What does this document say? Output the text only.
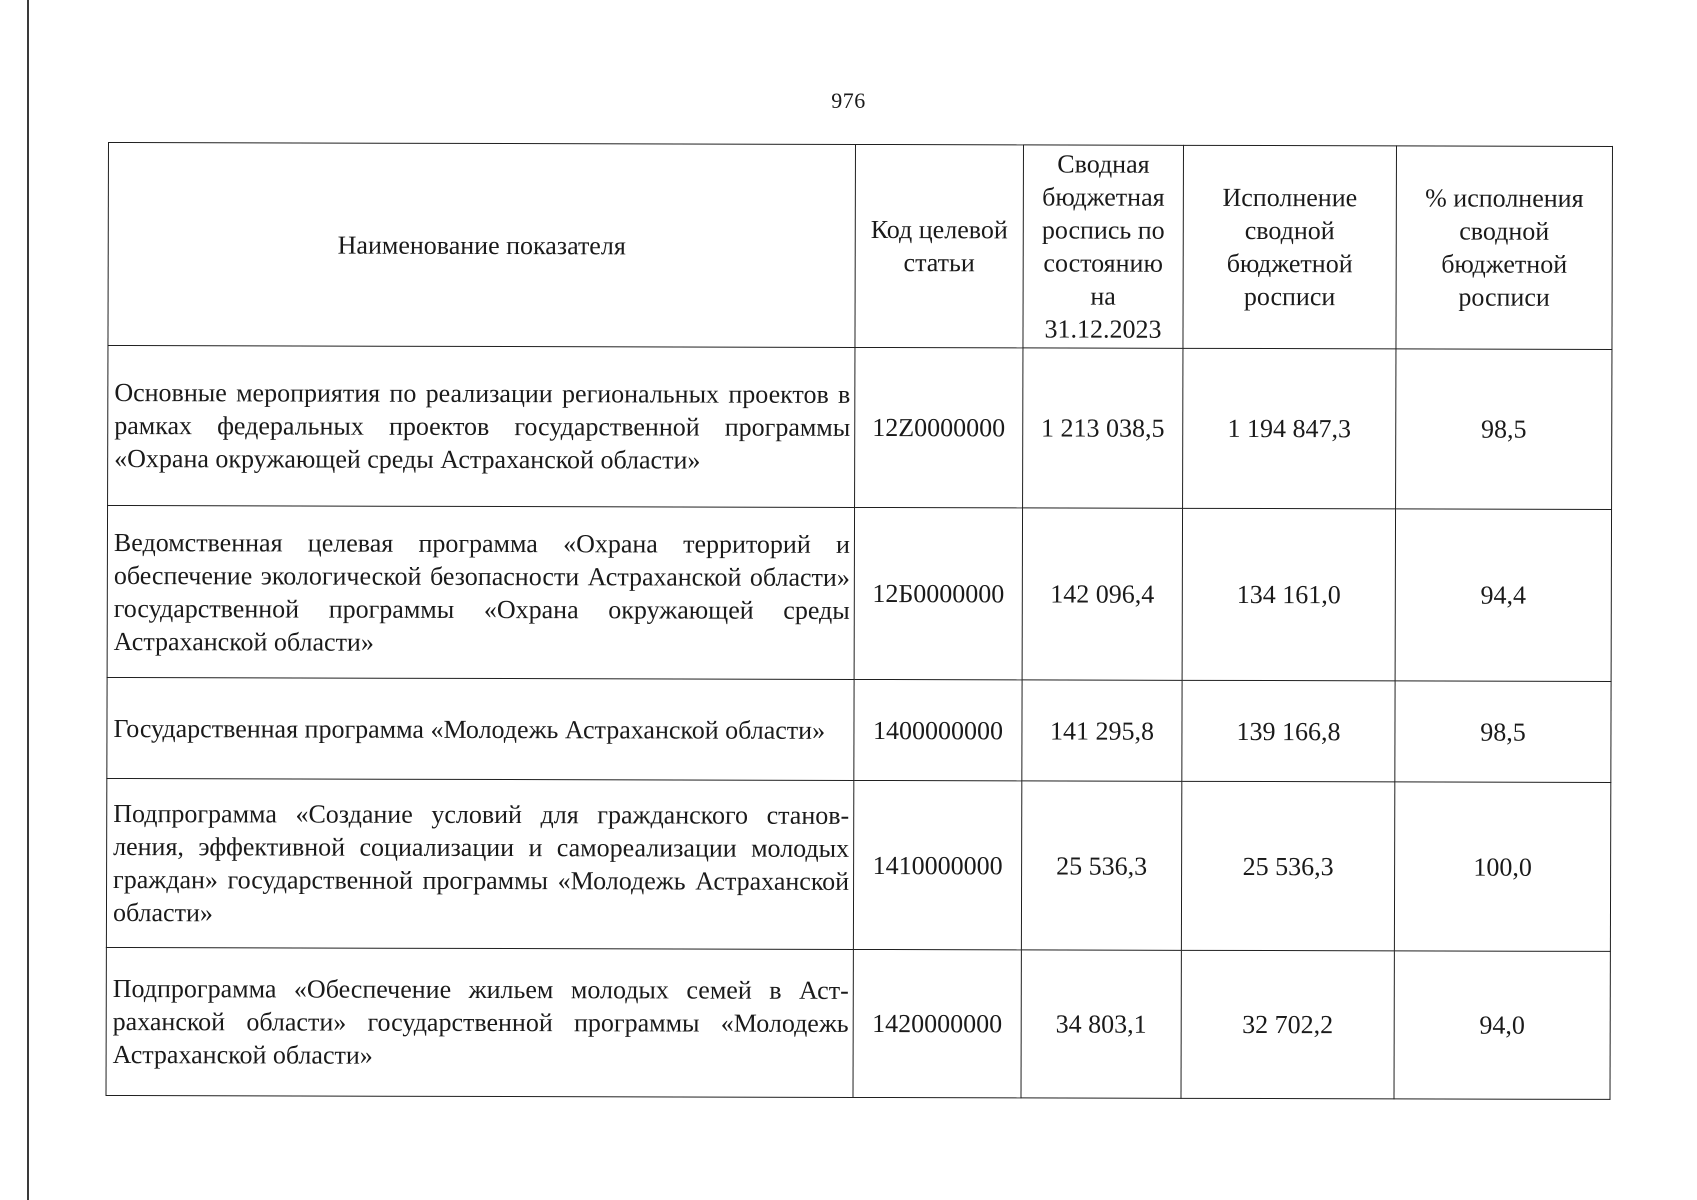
976
Наименование показателя	Код целевой статьи	Сводная бюджетная роспись по состоянию на 31.12.2023	Исполнение сводной бюджетной росписи	% исполнения сводной бюджетной росписи
Основные мероприятия по реализации региональных проектов в рамках федеральных проектов государственной программы «Охрана окружающей среды Астраханской области»	12Z0000000	1 213 038,5	1 194 847,3	98,5
Ведомственная целевая программа «Охрана территорий и обеспечение экологической безопасности Астраханской области» государственной программы «Охрана окружающей среды Астраханской области»	12Б0000000	142 096,4	134 161,0	94,4
Государственная программа «Молодежь Астраханской области»	1400000000	141 295,8	139 166,8	98,5
Подпрограмма «Создание условий для гражданского становления, эффективной социализации и самореализации молодых граждан» государственной программы «Молодежь Астраханской области»	1410000000	25 536,3	25 536,3	100,0
Подпрограмма «Обеспечение жильем молодых семей в Астраханской области» государственной программы «Молодежь Астраханской области»	1420000000	34 803,1	32 702,2	94,0
